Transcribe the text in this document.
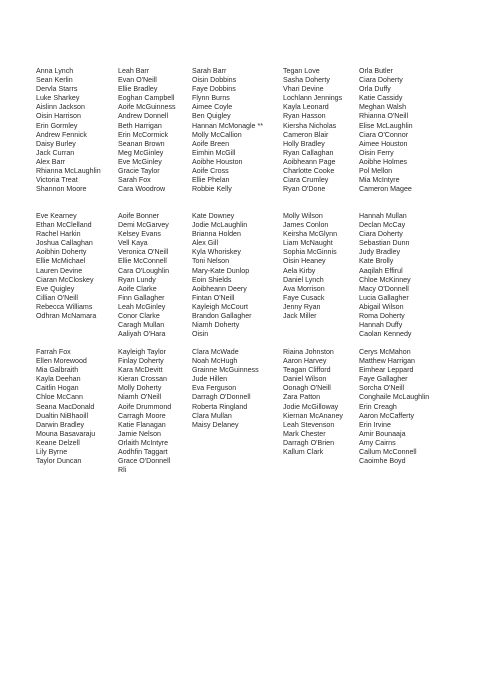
Anna Lynch
Sean Kerlin
Dervla Starrs
Luke Sharkey
Aislinn Jackson
Oisin Harrison
Erin Gormley
Andrew Fennick
Daisy Burley
Jack Curran
Alex Barr
Rhianna McLaughlin
Victoria Treat
Shannon Moore
Leah Barr
Evan O'Neill
Ellie Bradley
Eoghan Campbell
Aoife McGuinness
Andrew Donnell
Beth Harrigan
Erin McCormick
Seanan Brown
Meg McGinley
Eve McGinley
Gracie Taylor
Sarah Fox
Cara Woodrow
Sarah Barr
Oisin Dobbins
Faye Dobbins
Flynn Burns
Aimee Coyle
Ben Quigley
Hannan McMonagle **
Molly McCallion
Aoife Breen
Eimhin McGill
Aoibhe Houston
Aoife Cross
Ellie Phelan
Robbie Kelly
Tegan Love
Sasha Doherty
Vhari Devine
Lochlann Jennings
Kayla Leonard
Ryan Hasson
Kiersha Nicholas
Cameron Blair
Holly Bradley
Ryan Callaghan
Aoibheann Page
Charlotte Cooke
Ciara Crumley
Ryan O'Done
Orla Butler
Ciara Doherty
Orla Duffy
Katie Cassidy
Meghan Walsh
Rhianna O'Neill
Elise McLaughlin
Ciara O'Connor
Aimee Houston
Oisin Ferry
Aoibhe Holmes
Pol Mellon
Mia McIntyre
Cameron Magee
Eve Kearney
Ethan McClelland
Rachel Harkin
Joshua Callaghan
Aoibhin Doherty
Ellie McMichael
Lauren Devine
Ciaran McCloskey
Eve Quigley
Cillian O'Neill
Rebecca Williams
Odhran McNamara
Aoife Bonner
Demi McGarvey
Kelsey Evans
Vell Kaya
Veronica O'Neill
Ellie McConnell
Cara O'Loughlin
Ryan Lundy
Aoife Clarke
Finn Gallagher
Leah McGinley
Conor Clarke
Caragh Mullan
Aaliyah O'Hara
Kate Downey
Jodie McLaughlin
Brianna Holden
Alex Gill
Kyla Whoriskey
Toni Nelson
Mary-Kate Dunlop
Eoin Shields
Aoibheann Deery
Fintan O'Neill
Kayleigh McCourt
Brandon Gallagher
Niamh Doherty
Oisin
Molly Wilson
James Conlon
Keirsha McGlynn
Liam McNaught
Sophia McGinnis
Oisin Heaney
Aela Kirby
Daniel Lynch
Ava Morrison
Faye Cusack
Jenny Ryan
Jack Miller
Hannah Mullan
Declan McCay
Ciara Doherty
Sebastian Dunn
Judy Bradley
Kate Brolly
Aaqilah Effirul
Chloe McKinney
Macy O'Donnell
Lucia Gallagher
Abigail Wilson
Roma Doherty
Hannah Duffy
Caolan Kennedy
Farrah Fox
Ellen Morewood
Mia Galbraith
Kayla Deehan
Caitlin Hogan
Chloe McCann
Seana MacDonald
Dualtin NiBhaoill
Darwin Bradley
Mouna Basavaraju
Keane Delzell
Lily Byrne
Taylor Duncan
Kayleigh Taylor
Finlay Doherty
Kara McDevitt
Kieran Crossan
Molly Doherty
Niamh O'Neill
Aoife Drummond
Carragh Moore
Katie Flanagan
Jamie Nelson
Orlaith McIntyre
Aodhfin Taggart
Grace O'Donnell
Rli
Clara McWade
Noah McHugh
Grainne McGuinness
Jude Hillen
Eva Ferguson
Darragh O'Donnell
Roberta Ringland
Clara Mullan
Maisy Delaney
Riaina Johnston
Aaron Harvey
Teagan Clifford
Daniel Wilson
Oonagh O'Neill
Zara Patton
Jodie McGilloway
Kiernan McAnaney
Leah Stevenson
Mark Chester
Darragh O'Brien
Kallum Clark
Cerys McMahon
Matthew Harrigan
Eimhear Leppard
Faye Gallagher
Sorcha O'Neill
Conghaile McLaughlin
Erin Creagh
Aaron McCafferty
Erin Irvine
Amir Bounaaja
Amy Cairns
Callum McConnell
Caoimhe Boyd
